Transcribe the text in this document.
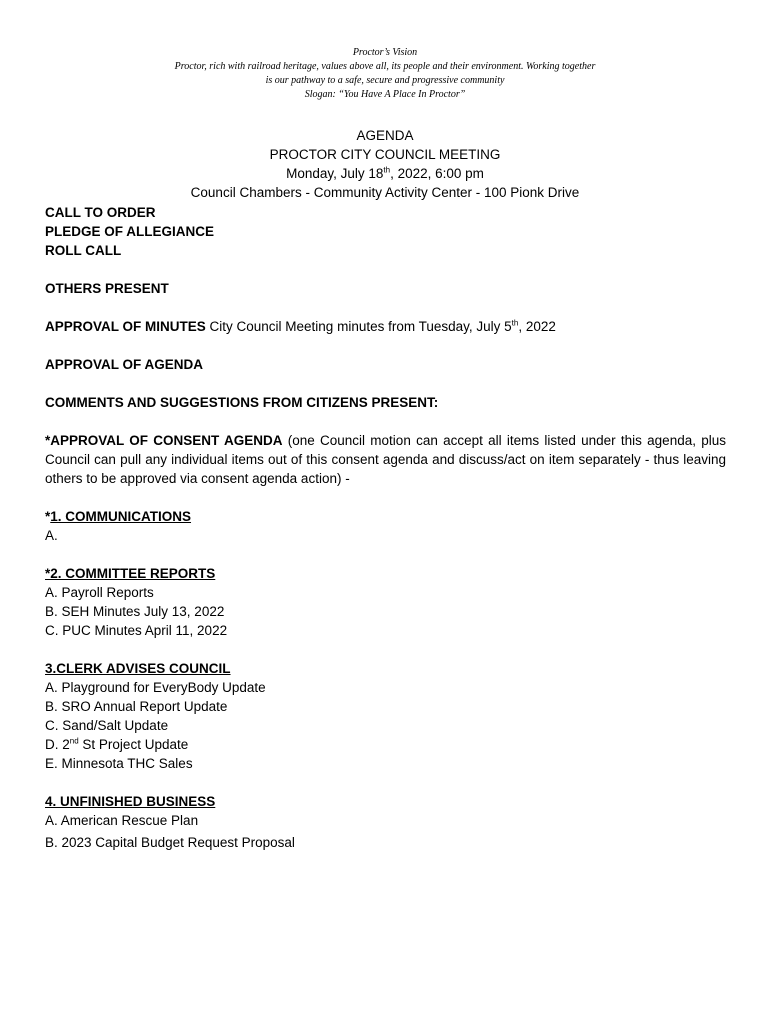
Proctor’s Vision
Proctor, rich with railroad heritage, values above all, its people and their environment. Working together
is our pathway to a safe, secure and progressive community
Slogan: “You Have A Place In Proctor”
AGENDA
PROCTOR CITY COUNCIL MEETING
Monday, July 18th, 2022, 6:00 pm
Council Chambers - Community Activity Center - 100 Pionk Drive

CALL TO ORDER

PLEDGE OF ALLEGIANCE

ROLL CALL

OTHERS PRESENT

APPROVAL OF MINUTES City Council Meeting minutes from Tuesday, July 5th, 2022

APPROVAL OF AGENDA

COMMENTS AND SUGGESTIONS FROM CITIZENS PRESENT:

*APPROVAL OF CONSENT AGENDA (one Council motion can accept all items listed under this agenda, plus Council can pull any individual items out of this consent agenda and discuss/act on item separately - thus leaving others to be approved via consent agenda action) -

*1. COMMUNICATIONS

A.

*2. COMMITTEE REPORTS

A. Payroll Reports

B. SEH Minutes July 13, 2022

C. PUC Minutes April 11, 2022

3.CLERK ADVISES COUNCIL

A. Playground for EveryBody Update

B. SRO Annual Report Update

C. Sand/Salt Update

D. 2nd St Project Update

E. Minnesota THC Sales

4. UNFINISHED BUSINESS

A. American Rescue Plan

B. 2023 Capital Budget Request Proposal
